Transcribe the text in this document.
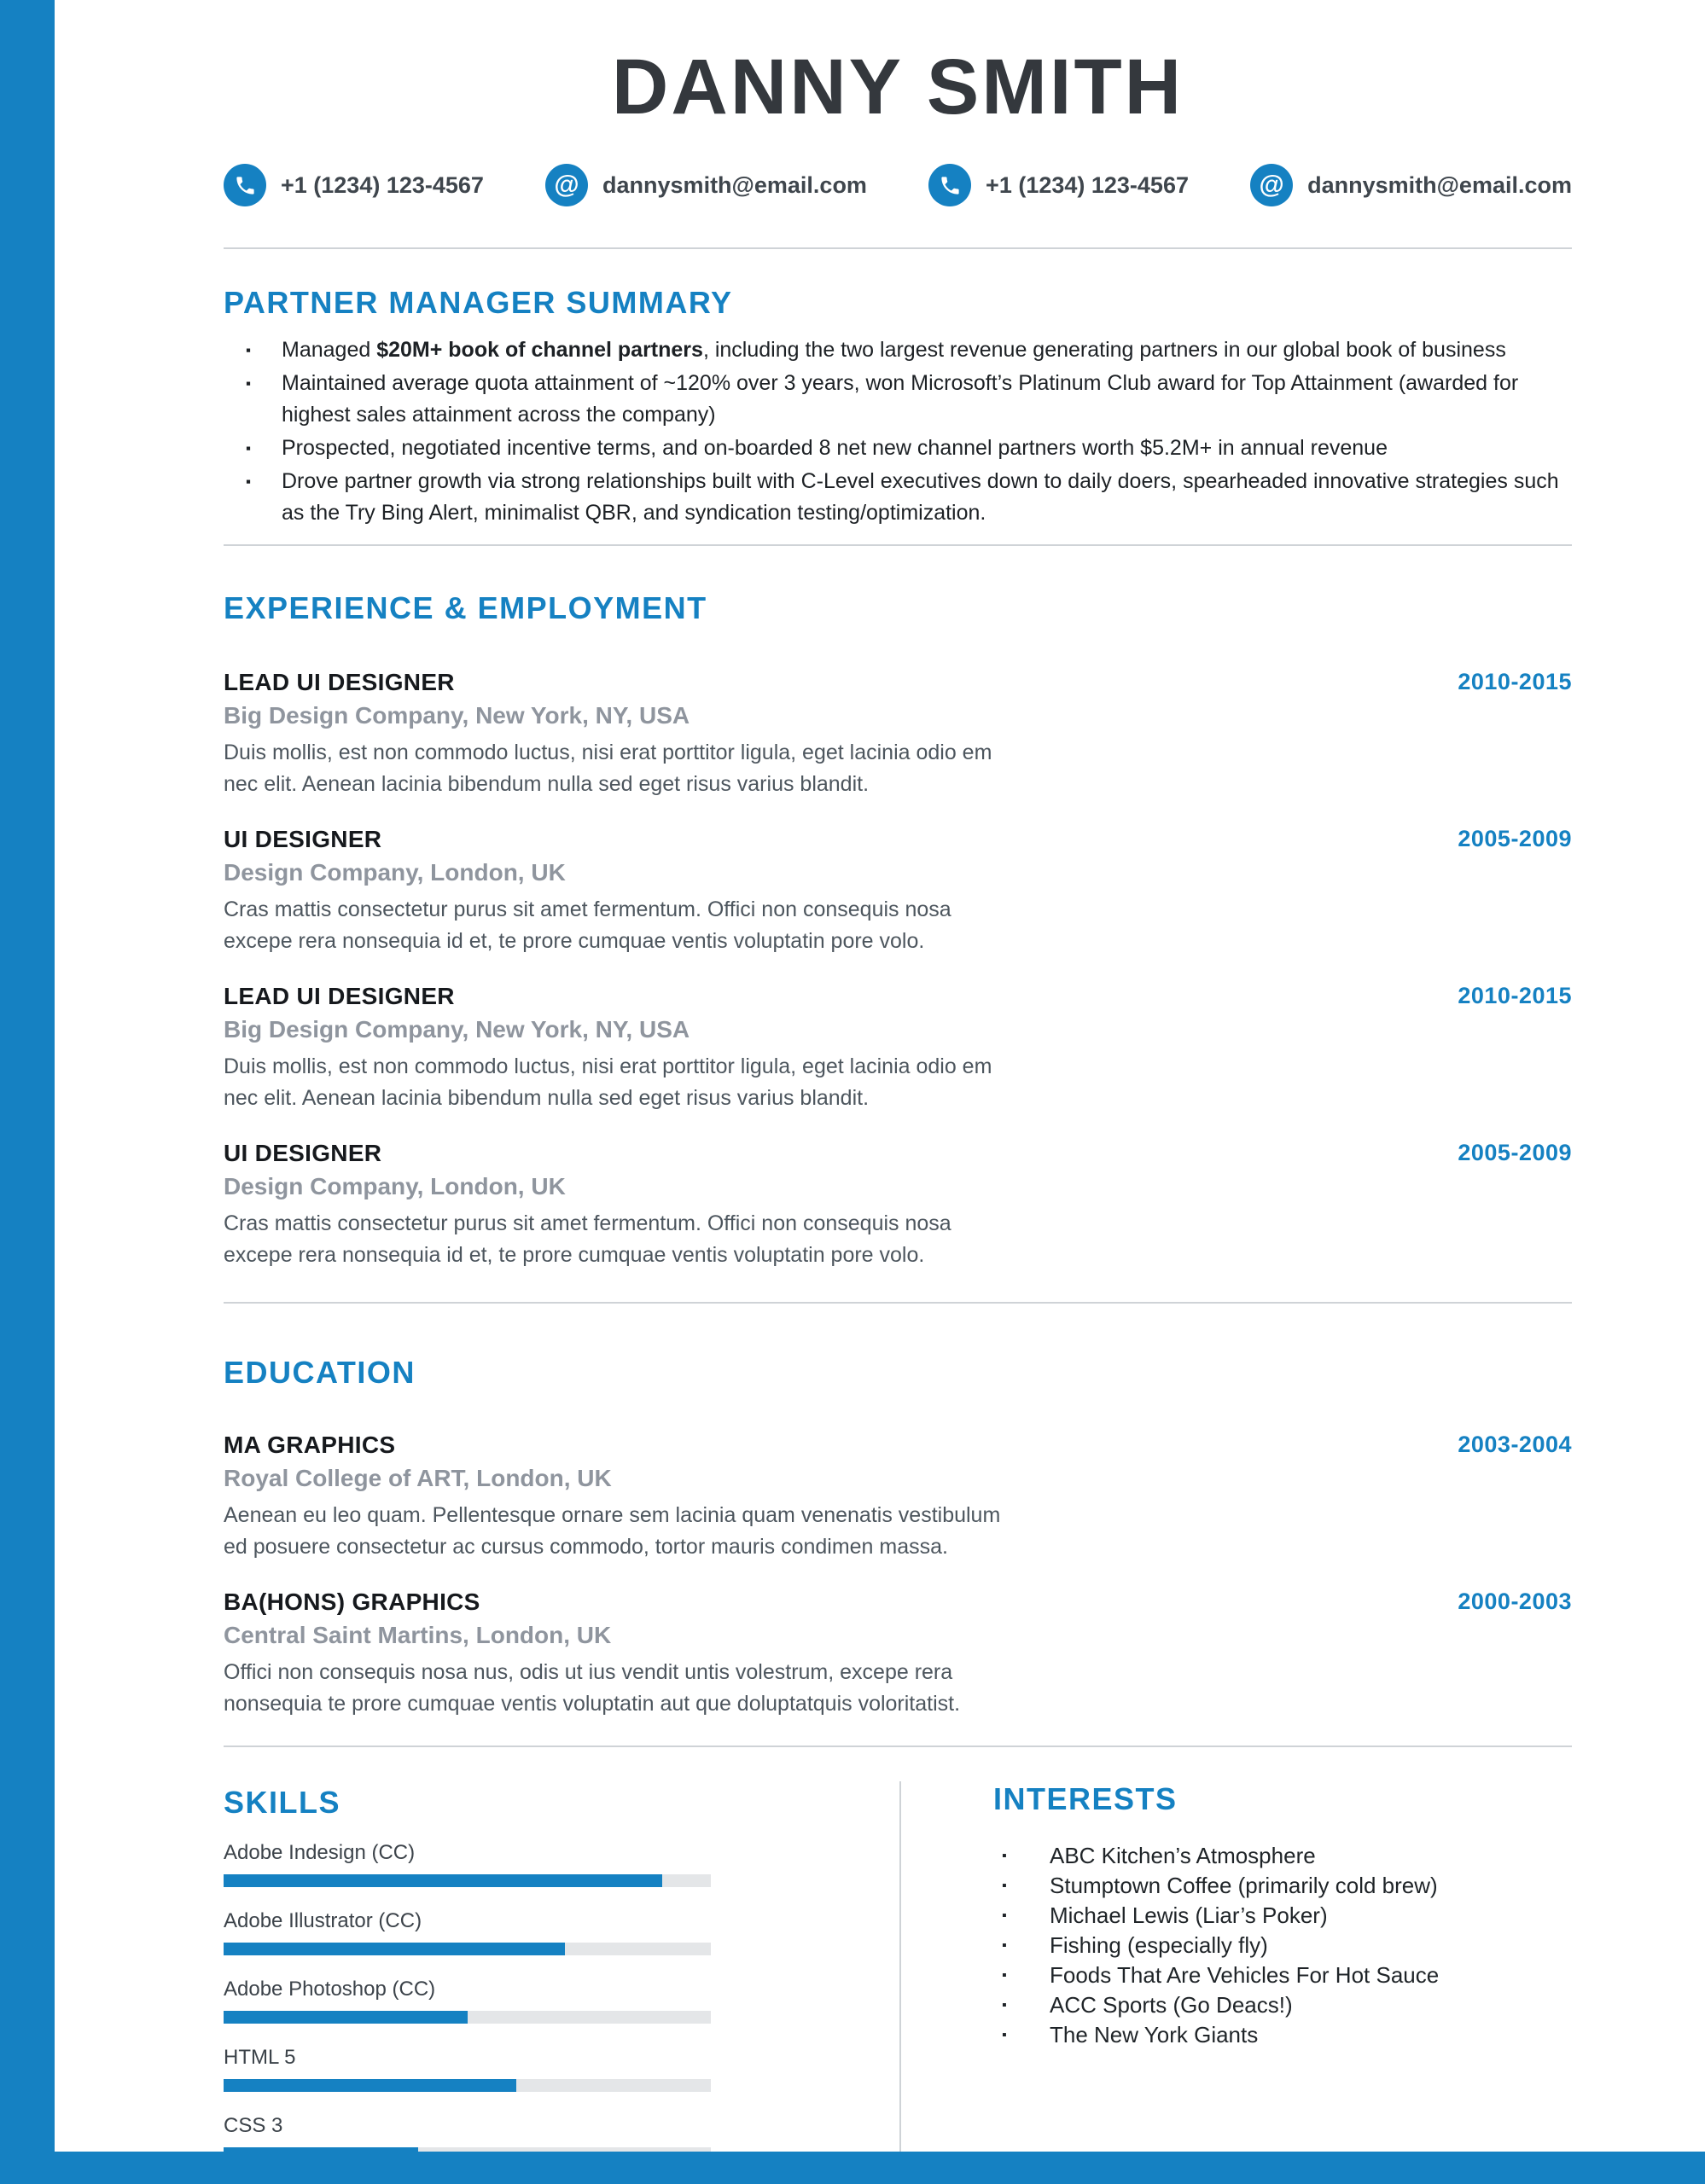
DANNY SMITH
+1 (1234) 123-4567	@	dannysmith@email.com	+1 (1234) 123-4567	@	dannysmith@email.com
PARTNER MANAGER SUMMARY
▪ Managed $20M+ book of channel partners, including the two largest revenue generating partners in our global book of business
▪ Maintained average quota attainment of ~120% over 3 years, won Microsoft’s Platinum Club award for Top Attainment (awarded for highest sales attainment across the company)
▪ Prospected, negotiated incentive terms, and on-boarded 8 net new channel partners worth $5.2M+ in annual revenue
▪ Drove partner growth via strong relationships built with C-Level executives down to daily doers, spearheaded innovative strategies such as the Try Bing Alert, minimalist QBR, and syndication testing/optimization.
EXPERIENCE & EMPLOYMENT
LEAD UI DESIGNER	2010-2015
Big Design Company, New York, NY, USA

Duis mollis, est non commodo luctus, nisi erat porttitor ligula, eget lacinia odio em nec elit. Aenean lacinia bibendum nulla sed eget risus varius blandit.

UI DESIGNER	2005-2009
Design Company, London, UK

Cras mattis consectetur purus sit amet fermentum. Offici non consequis nosa excepe rera nonsequia id et, te prore cumquae ventis voluptatin pore volo.

LEAD UI DESIGNER	2010-2015
Big Design Company, New York, NY, USA

Duis mollis, est non commodo luctus, nisi erat porttitor ligula, eget lacinia odio em nec elit. Aenean lacinia bibendum nulla sed eget risus varius blandit.

UI DESIGNER	2005-2009
Design Company, London, UK

Cras mattis consectetur purus sit amet fermentum. Offici non consequis nosa excepe rera nonsequia id et, te prore cumquae ventis voluptatin pore volo.

EDUCATION
MA GRAPHICS	2003-2004
Royal College of ART, London, UK

Aenean eu leo quam. Pellentesque ornare sem lacinia quam venenatis vestibulum ed posuere consectetur ac cursus commodo, tortor mauris condimen massa.

BA(HONS) GRAPHICS	2000-2003
Central Saint Martins, London, UK

Offici non consequis nosa nus, odis ut ius vendit untis volestrum, excepe rera nonsequia te prore cumquae ventis voluptatin aut que doluptatquis voloritatist.

SKILLS
Adobe Indesign (CC)
Adobe Illustrator (CC)
Adobe Photoshop (CC)
HTML 5
CSS 3
INTERESTS
▪ ABC Kitchen’s Atmosphere
▪ Stumptown Coffee (primarily cold brew)
▪ Michael Lewis (Liar’s Poker)
▪ Fishing (especially fly)
▪ Foods That Are Vehicles For Hot Sauce
▪ ACC Sports (Go Deacs!)
▪ The New York Giants
